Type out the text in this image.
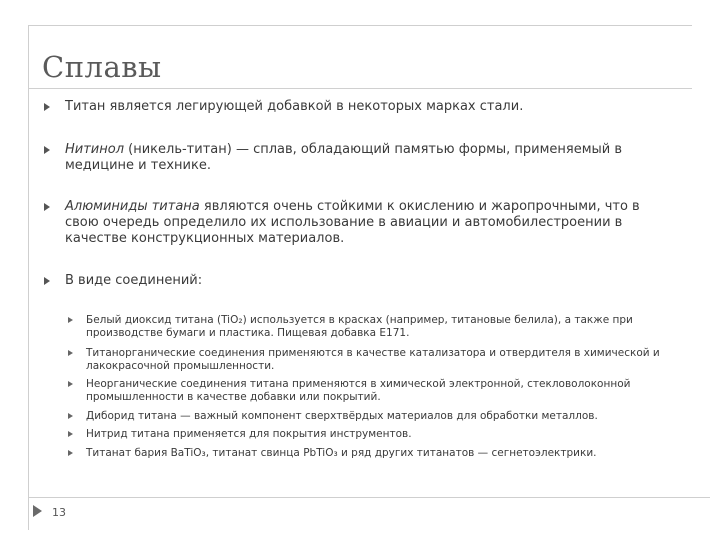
Сплавы
Титан является легирующей добавкой в некоторых марках стали.
Нитинол (никель-титан) — сплав, обладающий памятью формы, применяемый в медицине и технике.
Алюминиды титана являются очень стойкими к окислению и жаропрочными, что в свою очередь определило их использование в авиации и автомобилестроении в качестве конструкционных материалов.
В виде соединений:
Белый диоксид титана (TiO₂) используется в красках (например, титановые белила), а также при производстве бумаги и пластика. Пищевая добавка E171.
Титанорганические соединения применяются в качестве катализатора и отвердителя в химической и лакокрасочной промышленности.
Неорганические соединения титана применяются в химической электронной, стекловолоконной промышленности в качестве добавки или покрытий.
Диборид титана — важный компонент сверхтвёрдых материалов для обработки металлов.
Нитрид титана применяется для покрытия инструментов.
Титанат бария BaTiO₃, титанат свинца PbTiO₃ и ряд других титанатов — сегнетоэлектрики.
13
